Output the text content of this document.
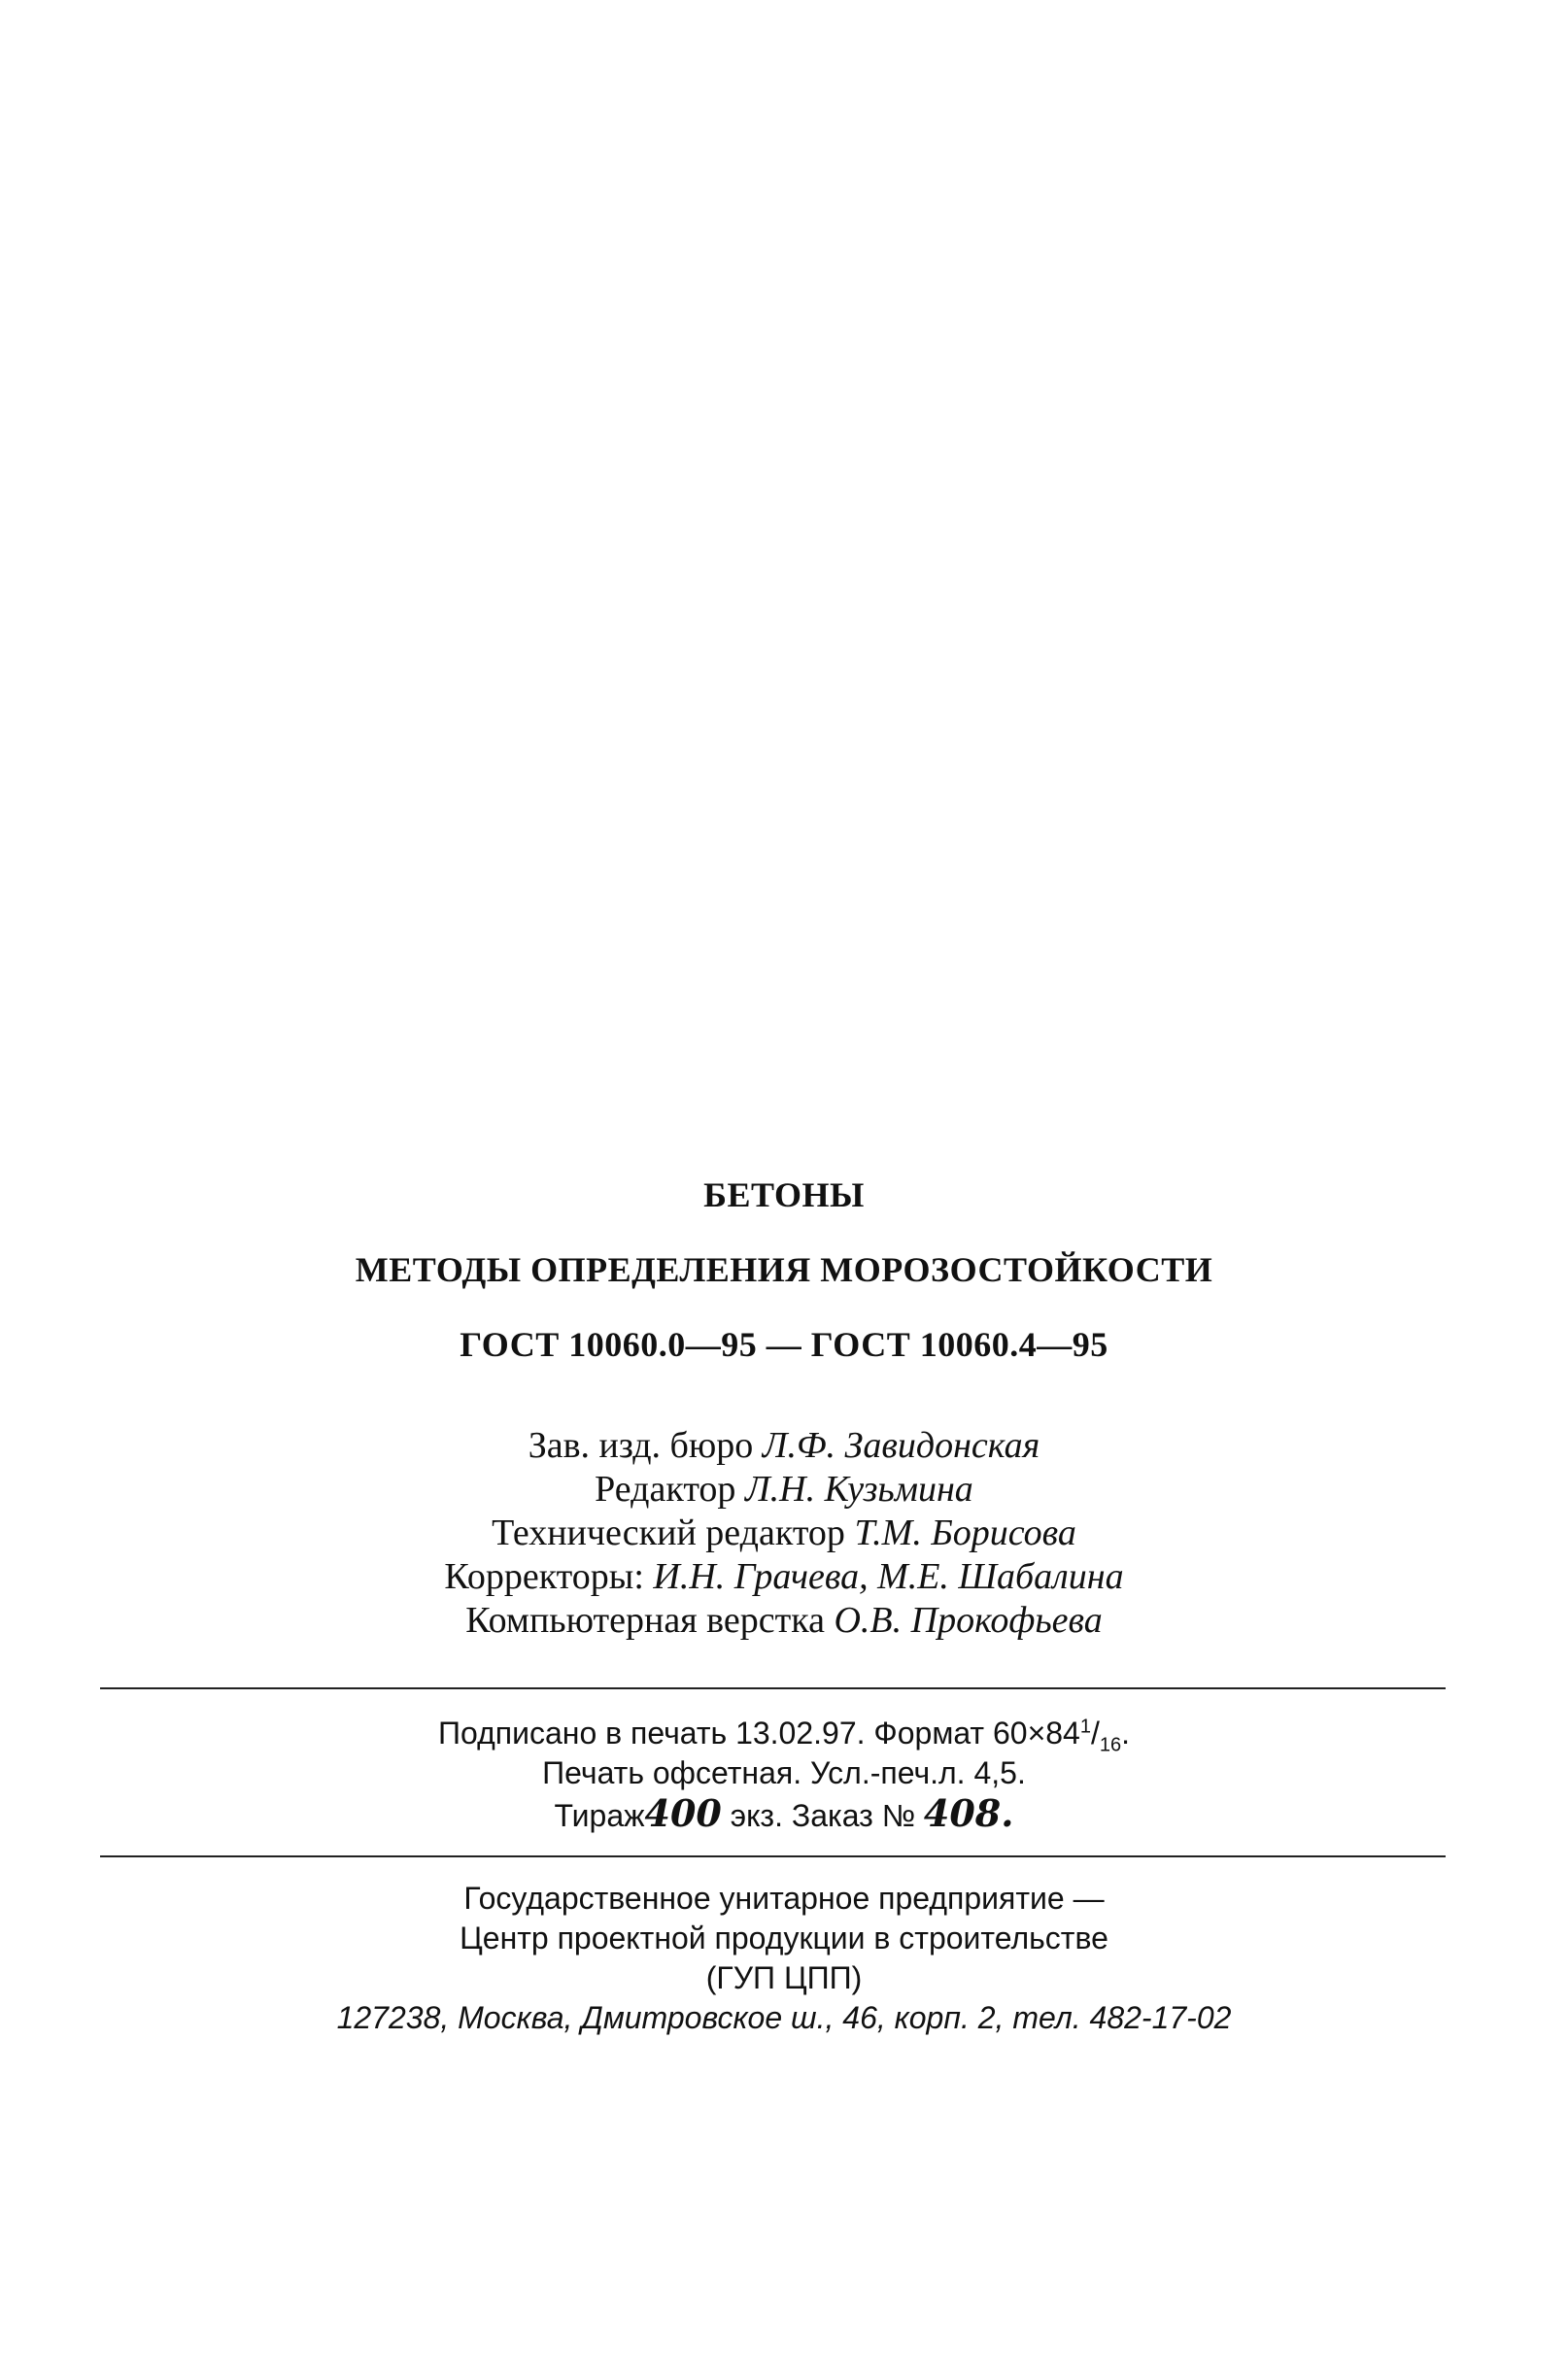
БЕТОНЫ
МЕТОДЫ ОПРЕДЕЛЕНИЯ МОРОЗОСТОЙКОСТИ
ГОСТ 10060.0—95 — ГОСТ 10060.4—95
Зав. изд. бюро Л.Ф. Завидонская
Редактор Л.Н. Кузьмина
Технический редактор Т.М. Борисова
Корректоры: И.Н. Грачева, М.Е. Шабалина
Компьютерная верстка О.В. Прокофьева
Подписано в печать 13.02.97. Формат $60\times 84^1/_{16}$.
Печать офсетная. Усл.-печ.л. 4,5.
Тираж400 экз. Заказ № 408.
Государственное унитарное предприятие —
Центр проектной продукции в строительстве
(ГУП ЦПП)
127238, Москва, Дмитровское ш., 46, корп. 2, тел. 482-17-02
